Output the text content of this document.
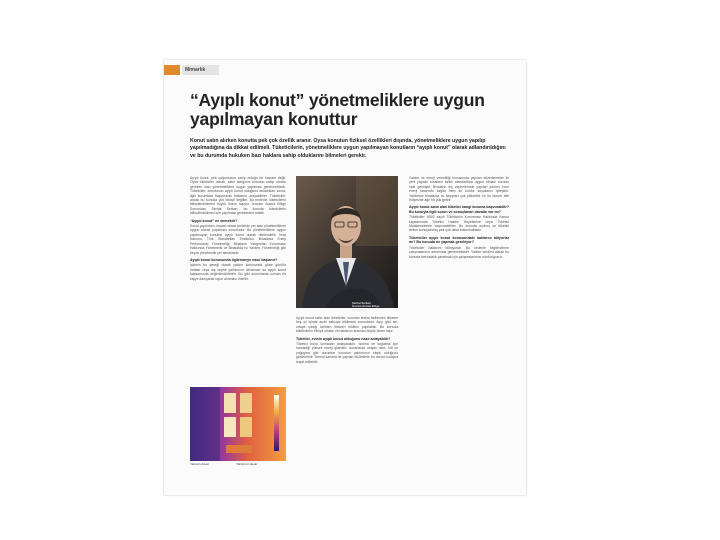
Mimarlık
“Ayıplı konut” yönetmeliklere uygun yapılmayan konuttur

Konut satın alırken konutta pek çok özellik aranır. Oysa konutun fiziksel özellikleri dışında, yönetmeliklere uygun yapılıp yapılmadığına da dikkat edilmeli. Tüketicilerin, yönetmeliklere uygun yapılmayan konutların “ayıplı konut” olarak adlandırıldığını ve bu durumda hukuken bazı haklara sahip olduklarını bilmeleri gerekir.

Ayıplı konut, pek çoğumuzun sahip olduğu bir kavram değil. Oysa tüketiciler olarak, satın aldığımız konutun sahip olması gereken olan yönetmeliklere uygun yapılması gerekmektedir. Tüketiciler, konutunun ayıplı konut olduğunu anladıkları sonra, ilgili kurumlara başvurarak haklarını arayabilirler. Tüketiciler, ancak bu konuda çok bilinçli değiller. Bu nedenle tüketicilerin bilinçlendirilmesi büyük önem taşıyor. İzocam Arama Bölge Sorumlusu Serhat Serkan, bu konuda tüketicilerin bilinçlendirilmesi için yapılması gerekenleri anlattı.

“Ayıplı konut” ne demektir?

Konut yapılırken, inşaat ruhsat tarihinde yer alan yönetmeliklere uygun olarak yapılması zorunludur. Bu yönetmeliklere uygun yapılmayan konutlar ayıplı konut olarak nitelendirilir. İmar Kanunu, Türk Standartları Enstitüsü, Binalarda Enerji Performansı Yönetmeliği, Binaların Yangından Korunması Hakkında Yönetmelik ve Binalarda Isı Yalıtımı Yönetmeliği gibi birçok yönetmelik yer almaktadır.

Ayıplı konut konusunda ilgilenmeye nasıl başlanır?

İşlemin bu gereği olarak yalıtım konusunda gözle görülür hatalar veya dış cephe yalıtımının olmaması da ayıplı konut kapsamında değerlendirilebilir. Bu gibi durumlarda uzman bir kişiye danışarak rapor alınması önerilir.

Serhat Serkan
İzocam Arama Bölge Sorumlusu

Ayıplı konut satın alan tüketiciler, konutun teslim tarihinden itibaren beş yıl içinde ayıbı satıcıya bildirmek zorundadır. Ayıp gizli ise, ortaya çıktığı tarihten itibaren bildirim yapılabilir. Bu konuda tüketicilerin bilinçli olması ve haklarını araması büyük önem taşır.

Tüketici, evinin ayıplı konut olduğunu nasıl anlayabilir?

Tüketici bunu sonradan anlayacaktır. Isınma ve soğutma için harcadığı yüksek enerji giderleri, duvarlarda oluşan nem, küf ve yoğuşma gibi durumlar konutun yalıtımının eksik olduğunu gösterebilir. Termal kamera ile yapılan ölçümlerle bu durum kolayca tespit edilebilir.

Yalıtımlı duvar	Yalıtımsız duvar

Yalıtım ve enerji verimliliği konusunda yapılan düzenlemeler ile yeni yapılan binaların belirli standartlara uygun olması zorunlu hale gelmiştir. Binaların dış cephelerinde yapılan yalıtım, hem enerji tasarrufu sağlar hem de konfor koşullarını iyileştirir. Yalıtımsız binalarda ısı kayıpları çok yüksektir ve bu durum aile bütçesine ağır bir yük getirir.

Ayıplı konut satın alan tüketici hangi kuruma başvurabilir? Bu konuyla ilgili sorun ve sonuçlanan davalar var mı?

Tüketiciler, 6502 sayılı Tüketicinin Korunması Hakkında Kanun kapsamında Tüketici Hakem Heyetlerine veya Tüketici Mahkemelerine başvurabilirler. Bu konuda açılmış ve tüketici lehine sonuçlanmış pek çok dava bulunmaktadır.

Tüketiciler ayıplı konut konusundaki haklarını biliyorlar mı? Bu konuda ne yapmak gerekiyor?

Tüketiciler haklarını bilmiyorlar. Bu nedenle bilgilendirme çalışmalarının artırılması gerekmektedir. Yalıtım sektörü olarak bu konuda farkındalık yaratmak için çalışmalarımızı sürdürüyoruz.
